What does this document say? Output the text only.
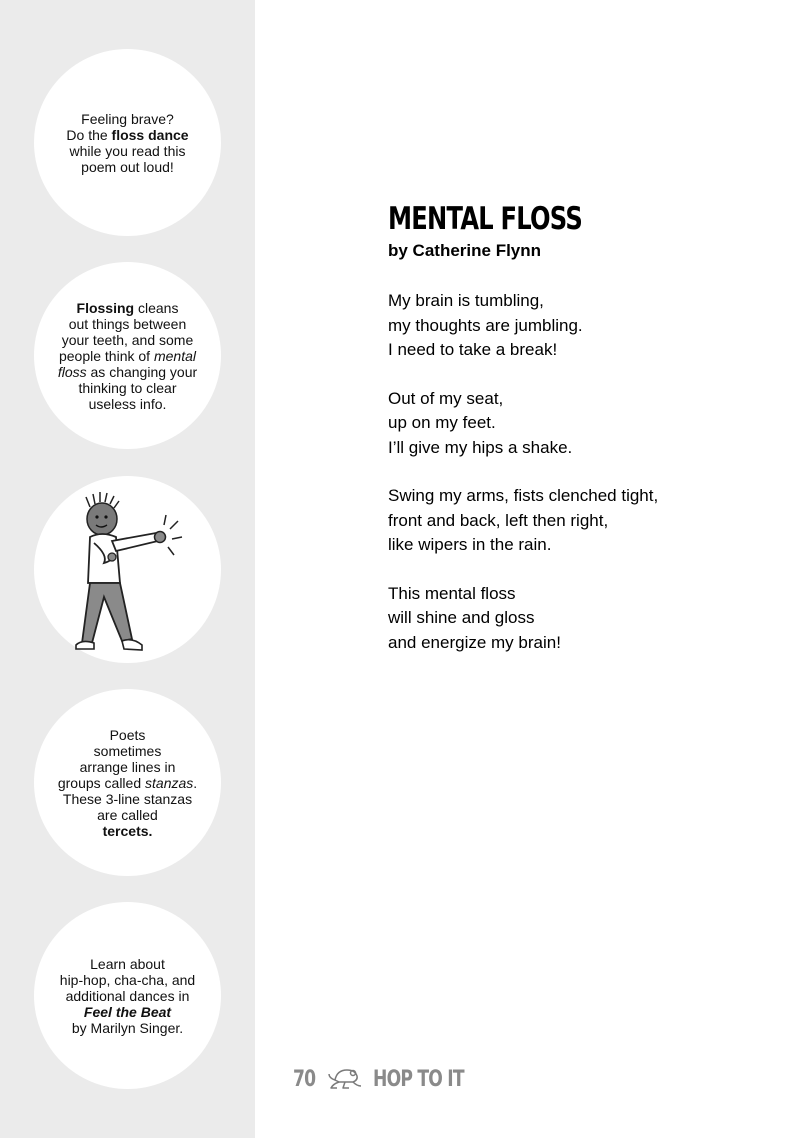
Feeling brave?
Do the floss dance
while you read this
poem out loud!
Flossing cleans
out things between
your teeth, and some
people think of mental
floss as changing your
thinking to clear
useless info.
Poets
sometimes
arrange lines in
groups called stanzas.
These 3-line stanzas
are called
tercets.
Learn about
hip-hop, cha-cha, and
additional dances in
Feel the Beat
by Marilyn Singer.
MENTAL FLOSS
by Catherine Flynn
My brain is tumbling,
my thoughts are jumbling.
I need to take a break!
Out of my seat,
up on my feet.
I’ll give my hips a shake.
Swing my arms, fists clenched tight,
front and back, left then right,
like wipers in the rain.
This mental floss
will shine and gloss
and energize my brain!
70	HOP TO IT
